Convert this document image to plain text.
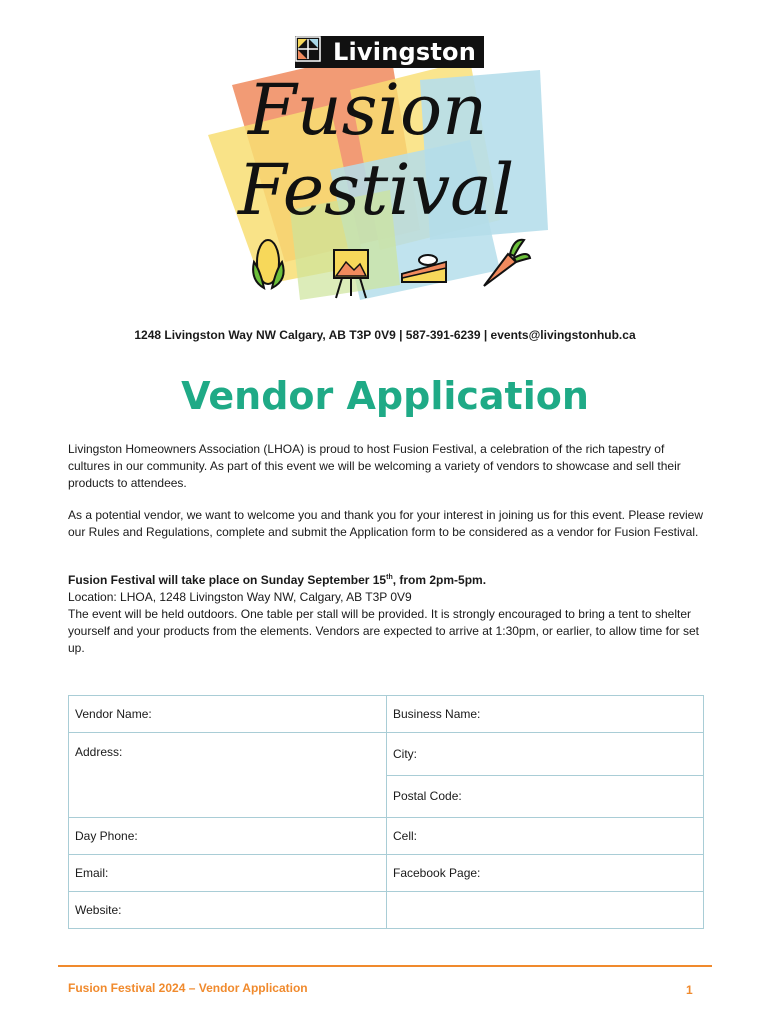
Livingston
Fusion
Festival
1248 Livingston Way NW Calgary, AB T3P 0V9 | 587-391-6239 | events@livingstonhub.ca
Vendor Application

Livingston Homeowners Association (LHOA) is proud to host Fusion Festival, a celebration of the rich tapestry of cultures in our community. As part of this event we will be welcoming a variety of vendors to showcase and sell their products to attendees.

As a potential vendor, we want to welcome you and thank you for your interest in joining us for this event. Please review our Rules and Regulations, complete and submit the Application form to be considered as a vendor for Fusion Festival.

Fusion Festival will take place on Sunday September 15th, from 2pm-5pm.
Location: LHOA, 1248 Livingston Way NW, Calgary, AB T3P 0V9
The event will be held outdoors. One table per stall will be provided. It is strongly encouraged to bring a tent to shelter yourself and your products from the elements. Vendors are expected to arrive at 1:30pm, or earlier, to allow time for set up.
Vendor Name:	Business Name:
Address:	City:
	Postal Code:
Day Phone:	Cell:
Email:	Facebook Page:
Website:	
Fusion Festival 2024 – Vendor Application	1
